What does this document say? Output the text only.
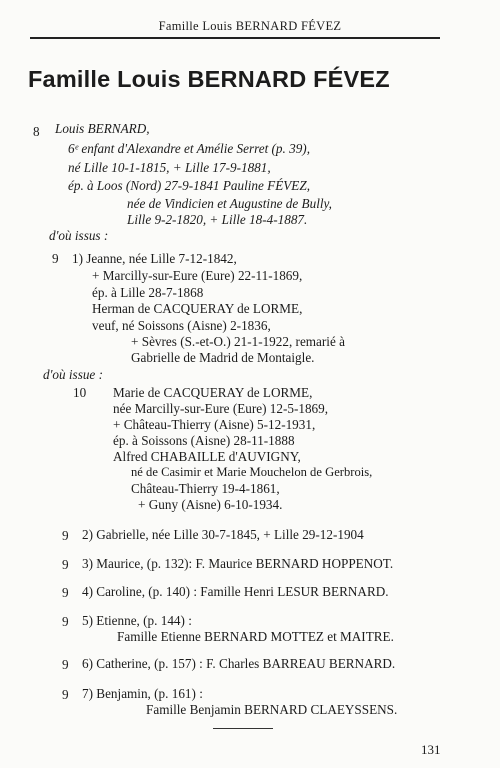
Famille Louis BERNARD FÉVEZ
Famille Louis BERNARD FÉVEZ
8 Louis BERNARD,
6ᵉ enfant d'Alexandre et Amélie Serret (p. 39),
né Lille 10-1-1815, + Lille 17-9-1881,
ép. à Loos (Nord) 27-9-1841 Pauline FÉVEZ,
née de Vindicien et Augustine de Bully,
Lille 9-2-1820, + Lille 18-4-1887.
d'où issus :
9 1) Jeanne, née Lille 7-12-1842,
+ Marcilly-sur-Eure (Eure) 22-11-1869,
ép. à Lille 28-7-1868
Herman de CACQUERAY de LORME,
veuf, né Soissons (Aisne) 2-1836,
+ Sèvres (S.-et-O.) 21-1-1922, remarié à
Gabrielle de Madrid de Montaigle.
d'où issue :
10 Marie de CACQUERAY de LORME,
née Marcilly-sur-Eure (Eure) 12-5-1869,
+ Château-Thierry (Aisne) 5-12-1931,
ép. à Soissons (Aisne) 28-11-1888
Alfred CHABAILLE d'AUVIGNY,
né de Casimir et Marie Mouchelon de Gerbrois,
Château-Thierry 19-4-1861,
+ Guny (Aisne) 6-10-1934.
9 2) Gabrielle, née Lille 30-7-1845, + Lille 29-12-1904
9 3) Maurice, (p. 132): F. Maurice BERNARD HOPPENOT.
9 4) Caroline, (p. 140) : Famille Henri LESUR BERNARD.
9 5) Etienne, (p. 144) :
Famille Etienne BERNARD MOTTEZ et MAITRE.
9 6) Catherine, (p. 157) : F. Charles BARREAU BERNARD.
9 7) Benjamin, (p. 161) :
Famille Benjamin BERNARD CLAEYSSENS.
131
